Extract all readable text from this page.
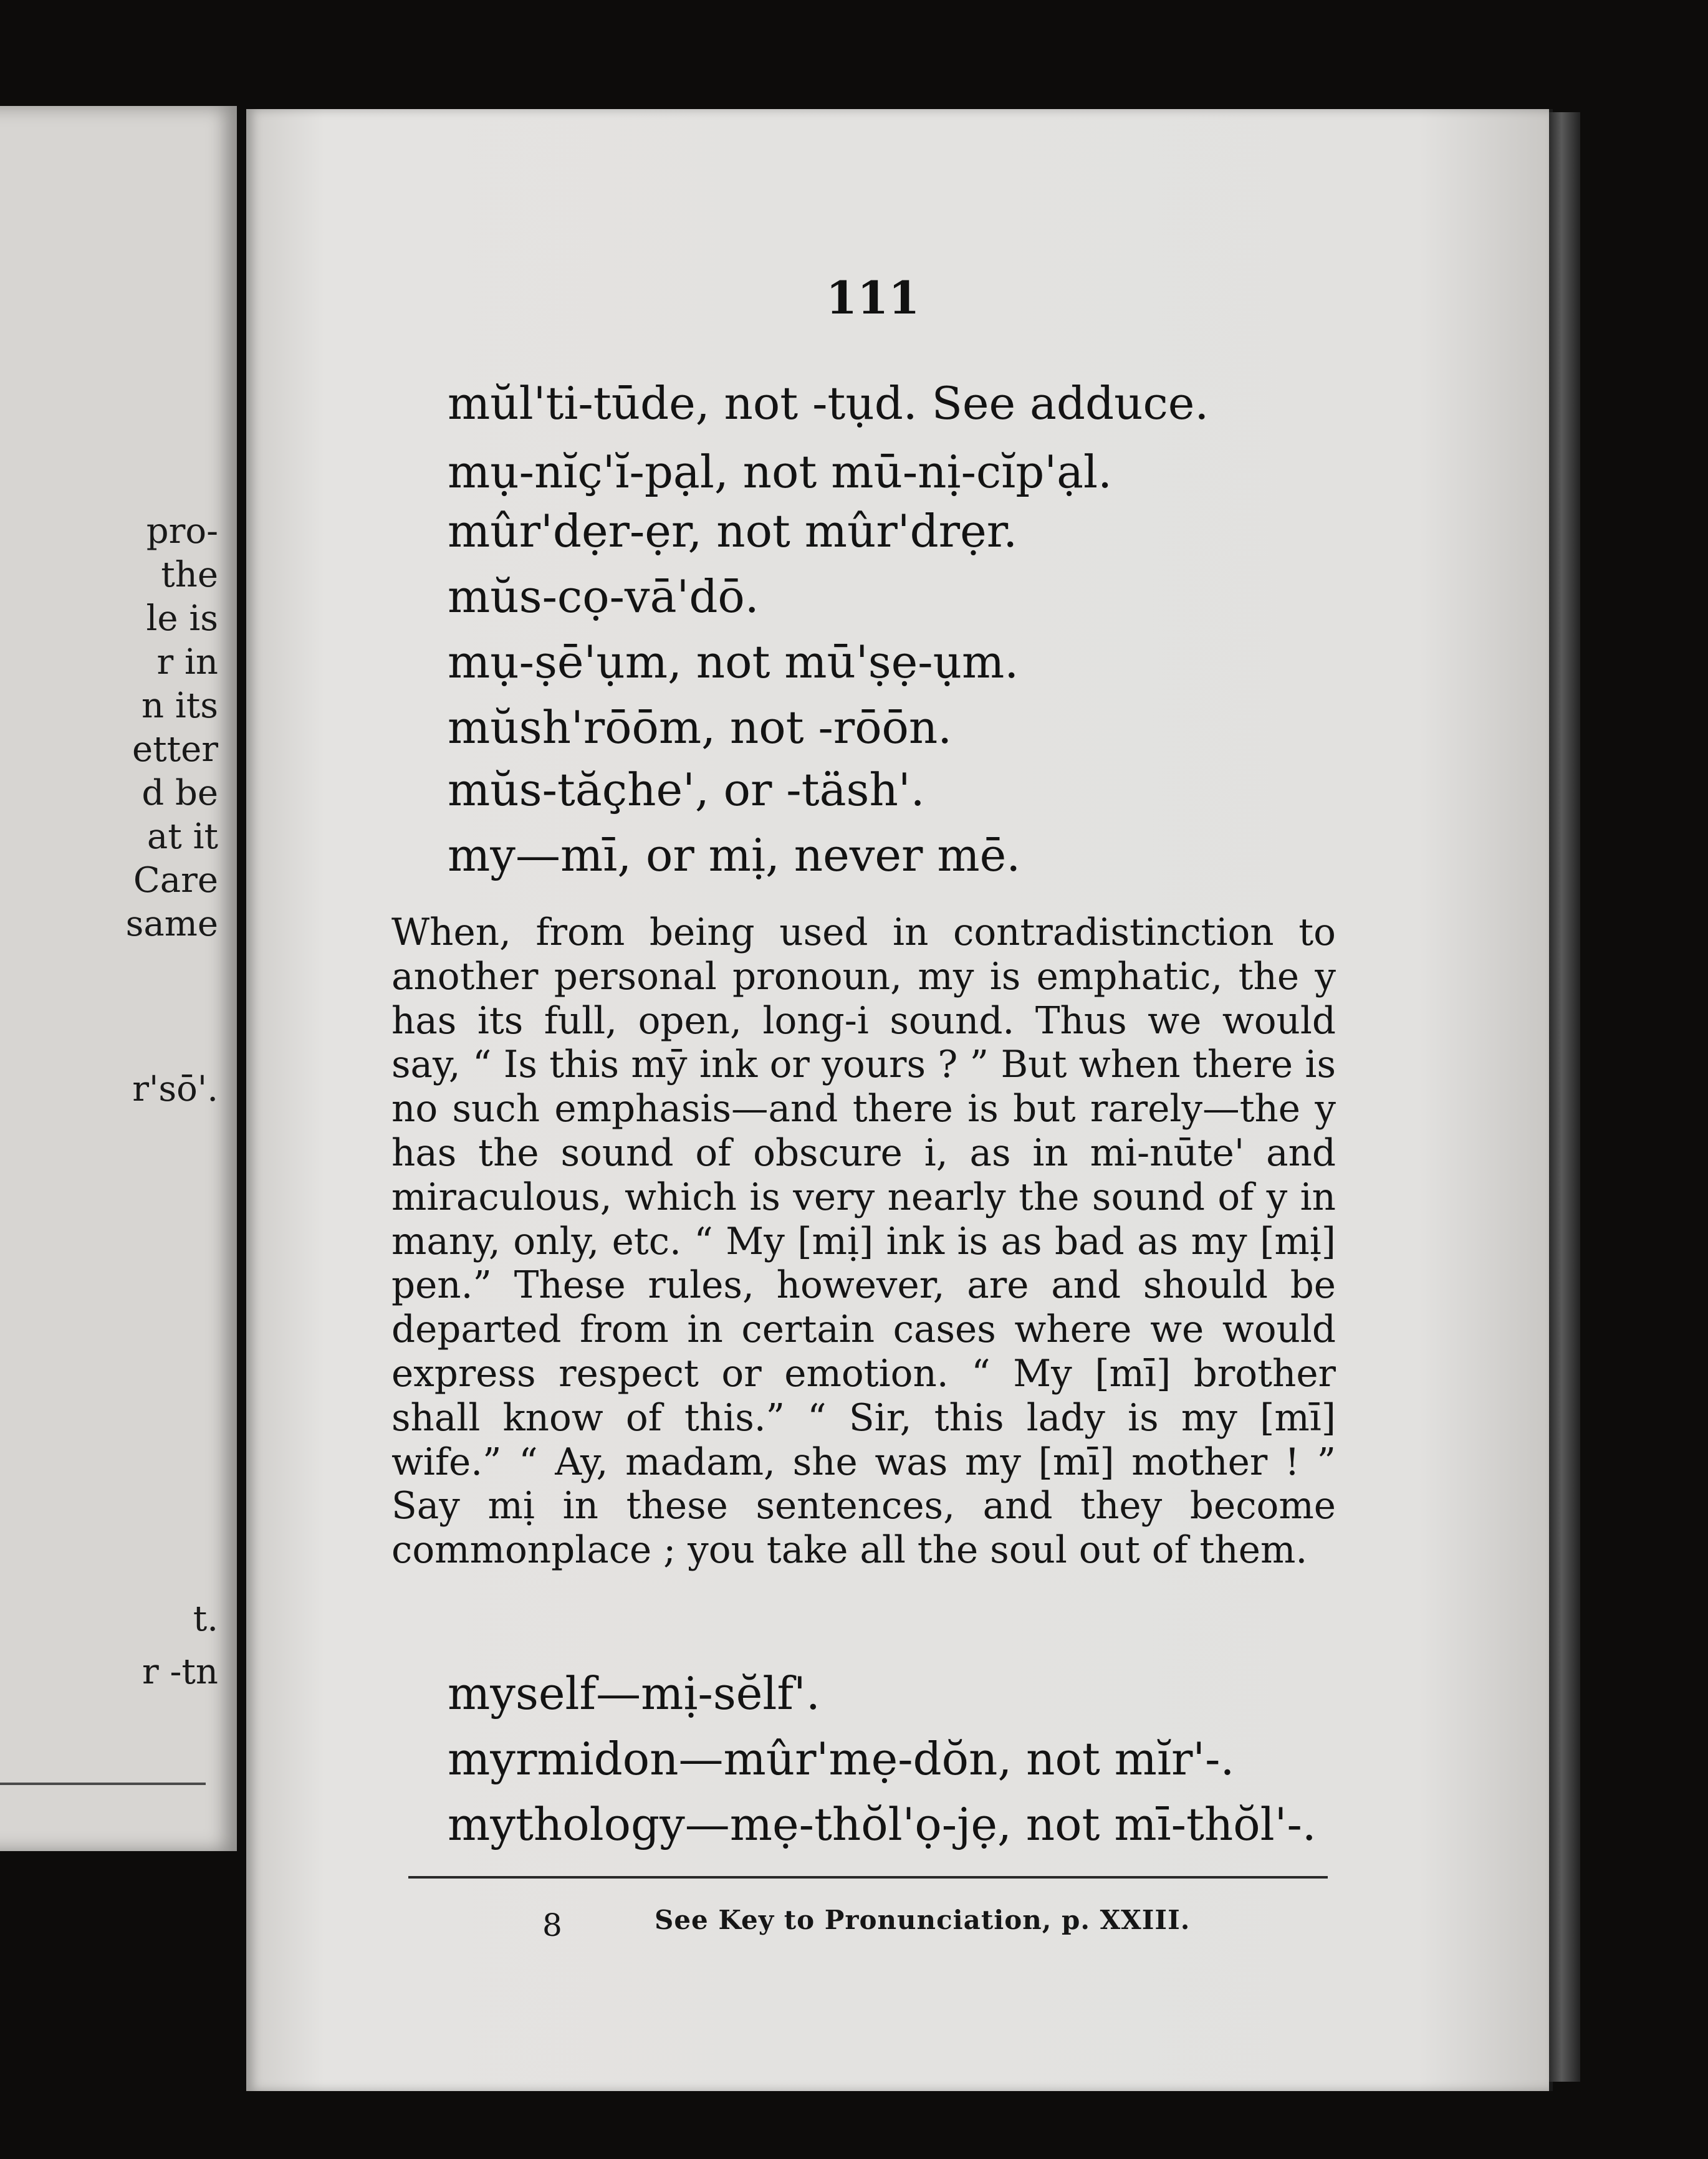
pro-

the

le is

r in

n its

etter

d be

at it

Care

same

r'sō'.

t.

r -tn

111

mŭl'ti-tūde, not -tụd. See adduce.

mụ-nĭç'ĭ-pạl, not mū-nị-cĭp'ạl.

mûr'dẹr-ẹr, not mûr'drẹr.

mŭs-cọ-vā'dō.

mụ-ṣē'ụm, not mū'ṣẹ-ụm.

mŭsh'rōōm, not -rōōn.

mŭs-tăçhe', or -täsh'.

my—mī, or mị, never mē.

When, from being used in contradistinction to another personal pronoun, my is emphatic, the y has its full, open, long-i sound. Thus we would say, “ Is this mȳ ink or yours ? ” But when there is no such emphasis—and there is but rarely—the y has the sound of obscure i, as in mi-nūte' and miraculous, which is very nearly the sound of y in many, only, etc. “ My [mị] ink is as bad as my [mị] pen.” These rules, however, are and should be departed from in certain cases where we would express respect or emotion. “ My [mī] brother shall know of this.” “ Sir, this lady is my [mī] wife.” “ Ay, madam, she was my [mī] mother ! ” Say mị in these sentences, and they become commonplace ; you take all the soul out of them.

myself—mị-sĕlf'.

myrmidon—mûr'mẹ-dŏn, not mĭr'-.

mythology—mẹ-thŏl'ọ-jẹ, not mī-thŏl'-.

8	See Key to Pronunciation, p. XXIII.
